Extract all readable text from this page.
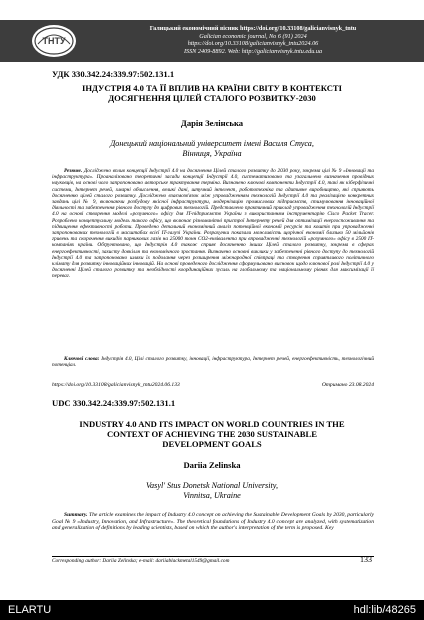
ТНТУ
Галицький економічний вісник https://doi.org/10.33108/galicianvisnyk_tntu
Galician economic journal, No 6 (91) 2024
https://doi.org/10.33108/galicianvisnyk_tntu2024.06
ISSN 2409-8892. Web: http://galicianvisnyk.tntu.edu.ua
УДК 330.342.24:339.97:502.131.1
ІНДУСТРІЯ 4.0 ТА ЇЇ ВПЛИВ НА КРАЇНИ СВІТУ В КОНТЕКСТІ
ДОСЯГНЕННЯ ЦІЛЕЙ СТАЛОГО РОЗВИТКУ-2030
Дарія Зелінська
Донецький національний університет імені Василя Стуса,
Вінниця, Україна
Резюме. Досліджено вплив концепції Індустрії 4.0 на досягнення Цілей сталого розвитку до 2030 року, зокрема цілі № 9 «Інновації та інфраструктура». Проаналізовано теоретичні засади концепції Індустрії 4.0, систематизовано та узагальнено визначення провідних науковців, на основі чого запропоновано авторське трактування терміна. Визначено ключові компоненти Індустрії 4.0, такі як кіберфізичні системи, Інтернет речей, хмарні обчислення, великі дані, штучний інтелект, робототехніка та адитивне виробництво, які сприяють досягненню цілей сталого розвитку. Досліджено взаємозв'язок між упровадженням технологій Індустрії 4.0 та реалізацією конкретних завдань цілі № 9, включаючи розбудову якісної інфраструктури, модернізацію промислових підприємств, стимулювання інноваційної діяльності та забезпечення рівного доступу до цифрових технологій. Представлено практичний приклад упровадження технологій Індустрії 4.0 на основі створення моделі «розумного» офісу для IT-підприємств України з використанням інструментарію Cisco Packet Tracer. Розроблено концептуальну модель такого офісу, що включає різноманітні пристрої Інтернету речей для оптимізації енергоспоживання та підвищення ефективності роботи. Проведено детальний економічний аналіз потенційної економії ресурсів та коштів при упровадженні запропонованих технологій в масштабах всієї IT-галузі України. Розрахунки показали можливість щорічної економії близько 50 мільйонів гривень та скорочення викидів парникових газів на 25000 тонн CO2-еквівалента при впровадженні технологій «розумного» офісу в 2500 IT-компаніях країни. Обґрунтовано, що Індустрія 4.0 також сприяє досягненню інших Цілей сталого розвитку, зокрема в сферах енергоефективності, захисту довкілля та економічного зростання. Визначено основні виклики у забезпеченні рівного доступу до технологій Індустрії 4.0 та запропоновано шляхи їх подолання через розширення міжнародної співпраці та створення сприятливого політичного клімату для розвитку інноваційних інновацій. На основі проведеного дослідження сформульовано висновок щодо ключової ролі Індустрії 4.0 у досягненні Цілей сталого розвитку та необхідності координаційних зусиль на глобальному та національному рівнях для максимізації її переваг.
Ключові слова: Індустрія 4.0, Цілі сталого розвитку, інновації, інфраструктура, Інтернет речей, енергоефективність, технологічний потенціал.
https://doi.org/10.33108/galicianvisnyk_tntu2024.06.133	Отримано 23.08.2024
UDC 330.342.24:339.97:502.131.1
INDUSTRY 4.0 AND ITS IMPACT ON WORLD COUNTRIES IN THE
CONTEXT OF ACHIEVING THE 2030 SUSTAINABLE
DEVELOPMENT GOALS
Dariia Zelinska
Vasyl' Stus Donetsk National University,
Vinnitsa, Ukraine
Summary. The article examines the impact of Industry 4.0 concept on achieving the Sustainable Development Goals by 2030, particularly Goal № 9 «Industry, Innovation, and Infrastructure». The theoretical foundations of Industry 4.0 concept are analyzed, with systematization and generalization of definitions by leading scientists, based on which the author's interpretation of the term is proposed. Key
Corresponding author: Dariia Zelinska; e-mail: dariiablackmetal1549@gmail.com	133
ELARTU	hdl:lib/48265
